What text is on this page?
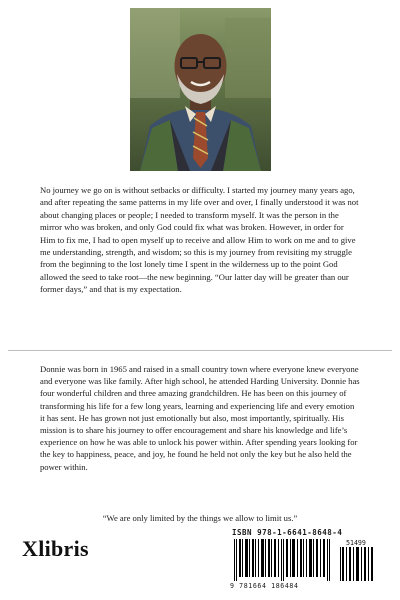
No journey we go on is without setbacks or difficulty. I started my journey many years ago, and after repeating the same patterns in my life over and over, I finally understood it was not about changing places or people; I needed to transform myself. It was the person in the mirror who was broken, and only God could fix what was broken. However, in order for Him to fix me, I had to open myself up to receive and allow Him to work on me and to give me understanding, strength, and wisdom; so this is my journey from revisiting my struggle from the beginning to the lost lonely time I spent in the wilderness up to the point God allowed the seed to take root—the new beginning. “Our latter day will be greater than our former days,” and that is my expectation.

Donnie was born in 1965 and raised in a small country town where everyone knew everyone and everyone was like family. After high school, he attended Harding University. Donnie has four wonderful children and three amazing grandchildren. He has been on this journey of transforming his life for a few long years, learning and experiencing life and every emotion it has sent. He has grown not just emotionally but also, most importantly, spiritually. His mission is to share his journey to offer encouragement and share his knowledge and life’s experience on how he was able to unlock his power within. After spending years looking for the key to happiness, peace, and joy, he found he held not only the key but he also held the power within.

“We are only limited by the things we allow to limit us.”

Xlibris
ISBN 978-1-6641-8648-4
51499
9 781664 186484
